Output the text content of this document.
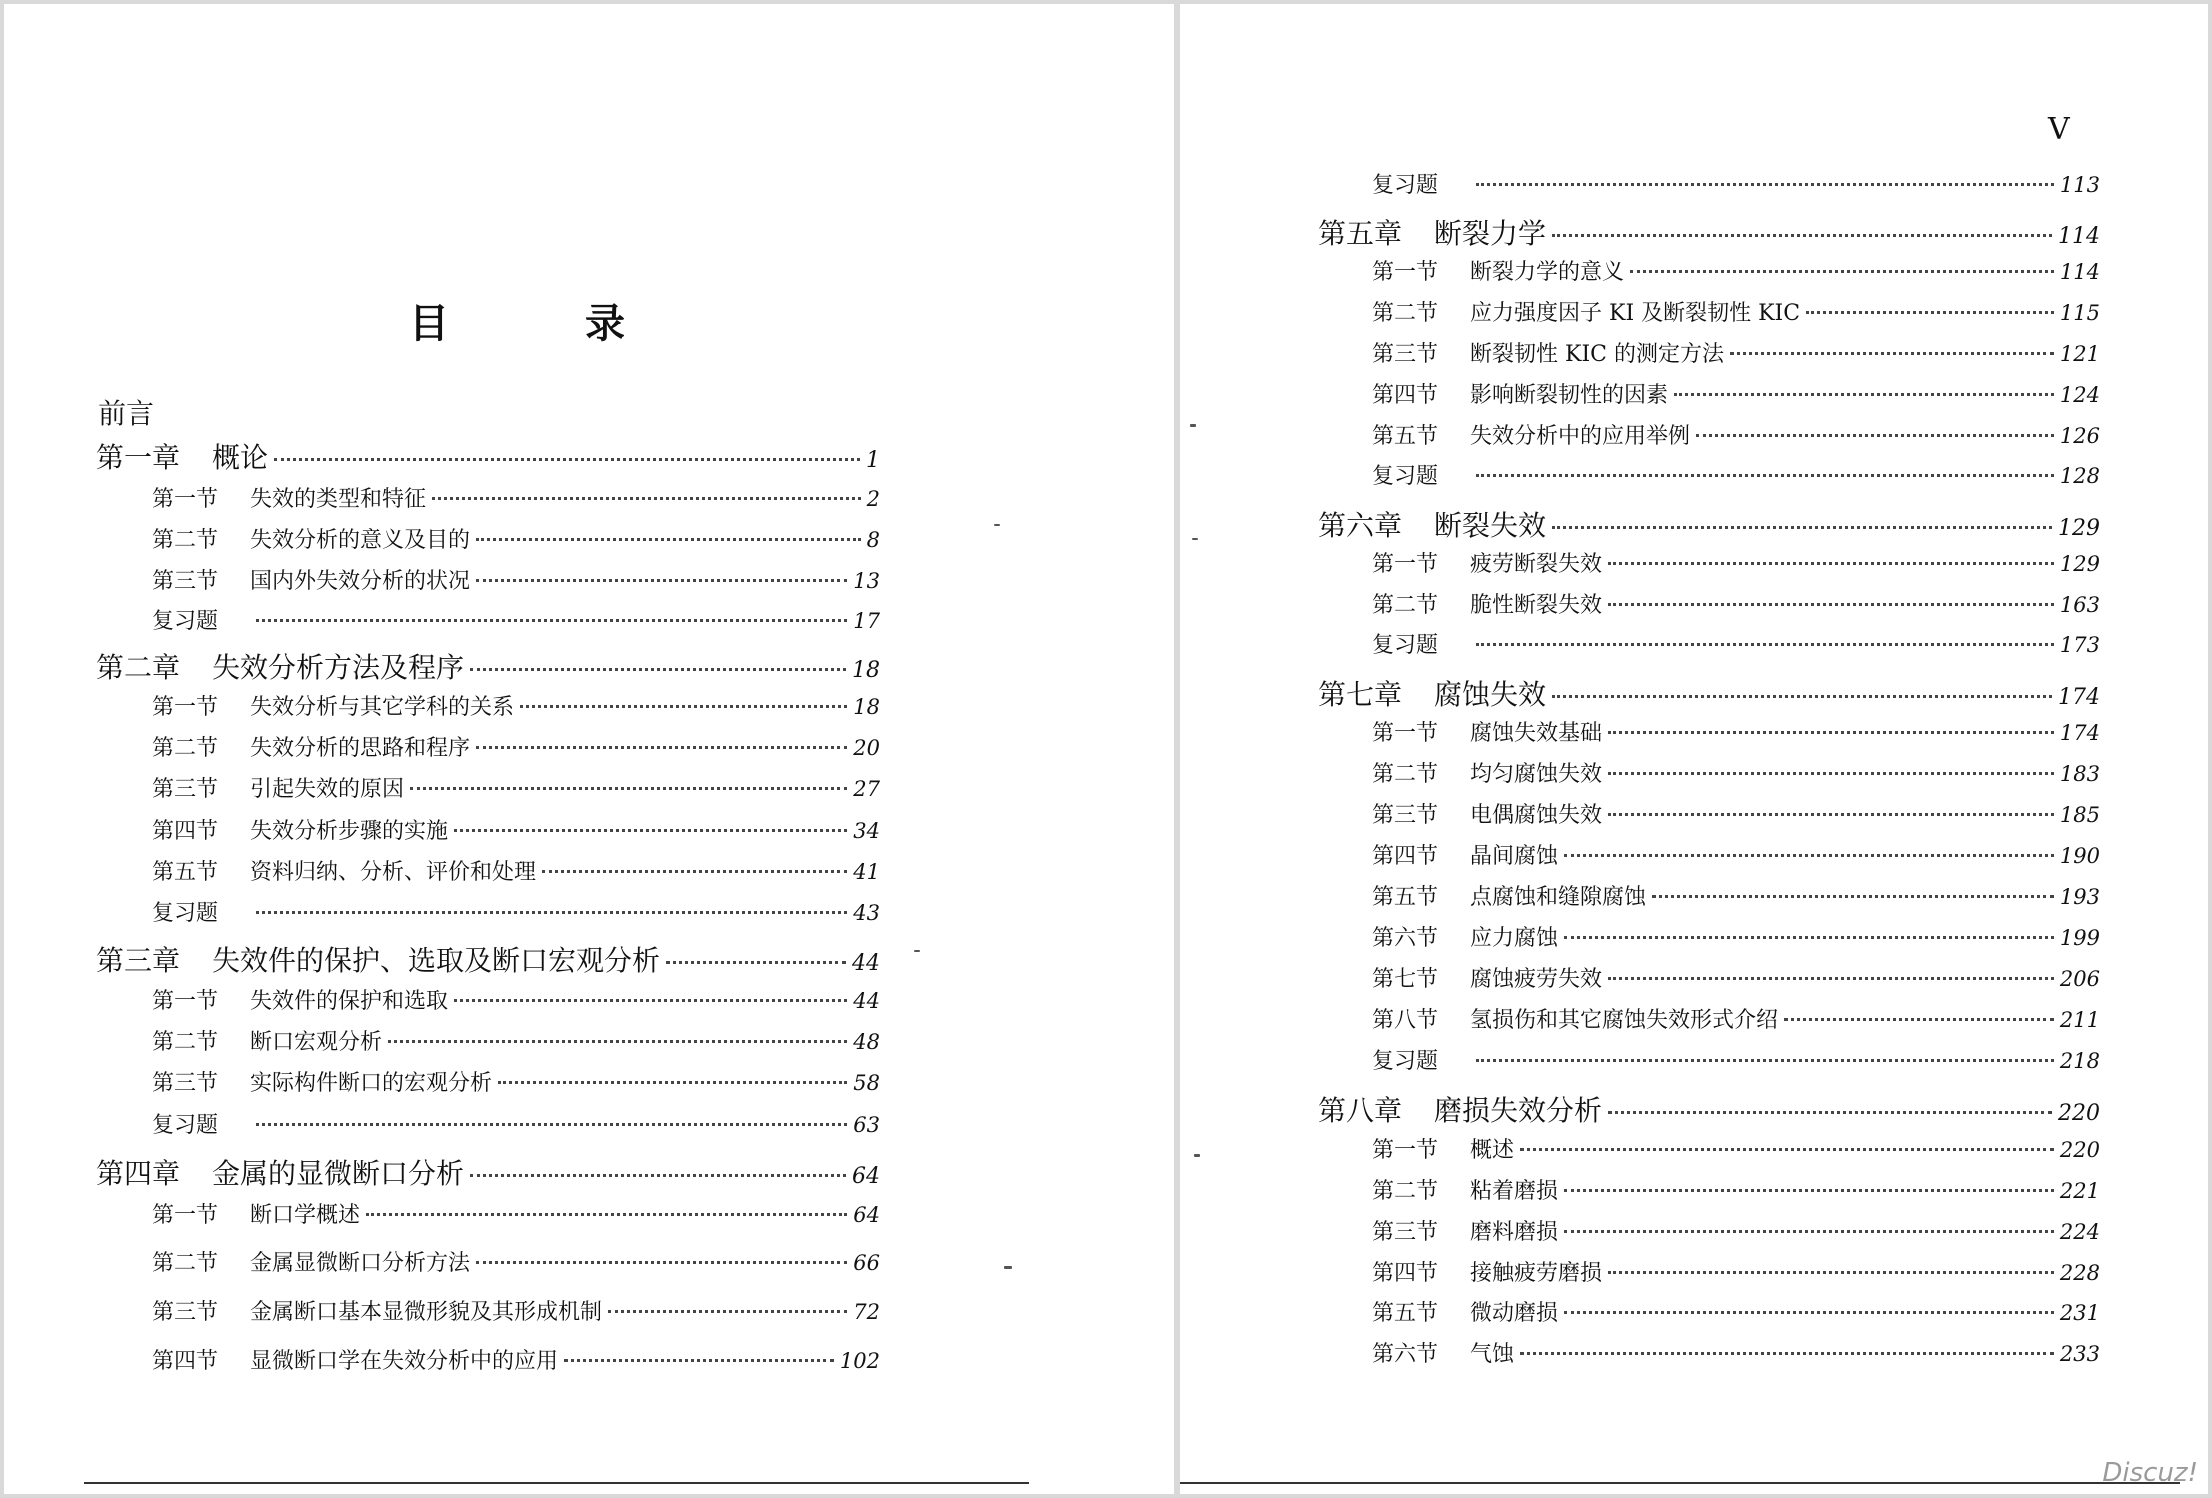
目　录
前言
第一章 概论	1
第一节 失效的类型和特征	2
第二节 失效分析的意义及目的	8
第三节 国内外失效分析的状况	13
复习题	17
第二章 失效分析方法及程序	18
第一节 失效分析与其它学科的关系	18
第二节 失效分析的思路和程序	20
第三节 引起失效的原因	27
第四节 失效分析步骤的实施	34
第五节 资料归纳、分析、评价和处理	41
复习题	43
第三章 失效件的保护、选取及断口宏观分析	44
第一节 失效件的保护和选取	44
第二节 断口宏观分析	48
第三节 实际构件断口的宏观分析	58
复习题	63
第四章 金属的显微断口分析	64
第一节 断口学概述	64
第二节 金属显微断口分析方法	66
第三节 金属断口基本显微形貌及其形成机制	72
第四节 显微断口学在失效分析中的应用	102
V
复习题	113
第五章 断裂力学	114
第一节 断裂力学的意义	114
第二节 应力强度因子 KI 及断裂韧性 KIC	115
第三节 断裂韧性 KIC 的测定方法	121
第四节 影响断裂韧性的因素	124
第五节 失效分析中的应用举例	126
复习题	128
第六章 断裂失效	129
第一节 疲劳断裂失效	129
第二节 脆性断裂失效	163
复习题	173
第七章 腐蚀失效	174
第一节 腐蚀失效基础	174
第二节 均匀腐蚀失效	183
第三节 电偶腐蚀失效	185
第四节 晶间腐蚀	190
第五节 点腐蚀和缝隙腐蚀	193
第六节 应力腐蚀	199
第七节 腐蚀疲劳失效	206
第八节 氢损伤和其它腐蚀失效形式介绍	211
复习题	218
第八章 磨损失效分析	220
第一节 概述	220
第二节 粘着磨损	221
第三节 磨料磨损	224
第四节 接触疲劳磨损	228
第五节 微动磨损	231
第六节 气蚀	233
Discuz!
